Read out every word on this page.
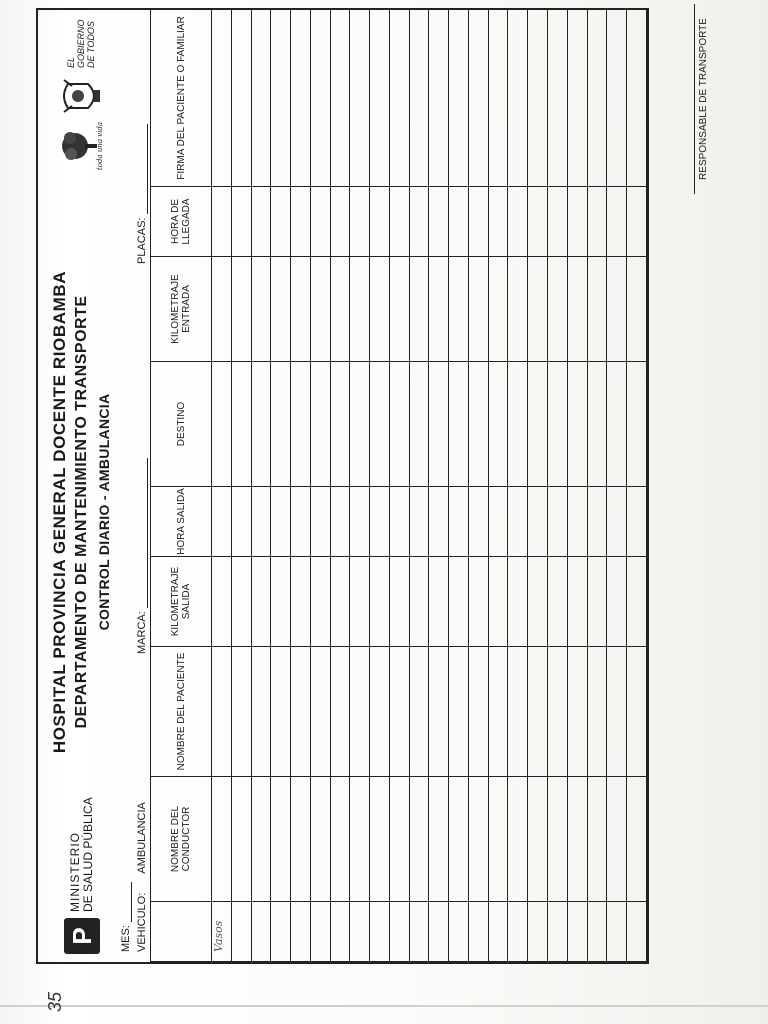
35
P
MINISTERIO DE SALUD PÚBLICA
HOSPITAL PROVINCIA GENERAL DOCENTE RIOBAMBA DEPARTAMENTO DE MANTENIMIENTO TRANSPORTE CONTROL DIARIO - AMBULANCIA
toda una vida
EL GOBIERNO DE TODOS
MES: VEHICULO: AMBULANCIA
MARCA:
PLACAS:
	NOMBRE DEL CONDUCTOR	NOMBRE DEL PACIENTE	KILOMETRAJE SALIDA	HORA SALIDA	DESTINO	KILOMETRAJE ENTRADA	HORA DE LLEGADA	FIRMA DEL PACIENTE O FAMILIAR

Vasos
RESPONSABLE DE TRANSPORTE
